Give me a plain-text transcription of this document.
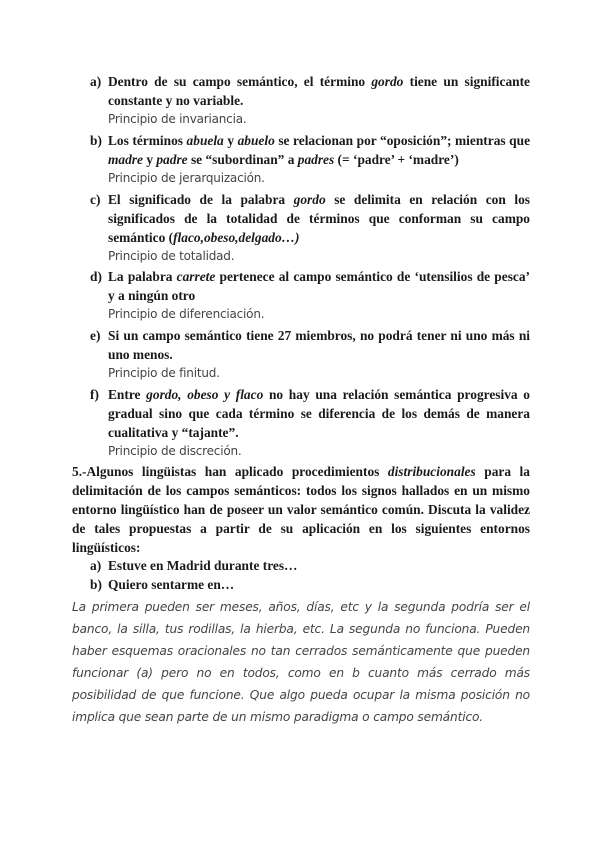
a) Dentro de su campo semántico, el término gordo tiene un significante constante y no variable.
Principio de invariancia.
b) Los términos abuela y abuelo se relacionan por “oposición”; mientras que madre y padre se “subordinan” a padres (= ‘padre’ + ‘madre’)
Principio de jerarquización.
c) El significado de la palabra gordo se delimita en relación con los significados de la totalidad de términos que conforman su campo semántico (flaco,obeso,delgado…)
Principio de totalidad.
d) La palabra carrete pertenece al campo semántico de ‘utensilios de pesca’ y a ningún otro
Principio de diferenciación.
e) Si un campo semántico tiene 27 miembros, no podrá tener ni uno más ni uno menos.
Principio de finitud.
f) Entre gordo, obeso y flaco no hay una relación semántica progresiva o gradual sino que cada término se diferencia de los demás de manera cualitativa y “tajante”.
Principio de discreción.
5.-Algunos lingüistas han aplicado procedimientos distribucionales para la delimitación de los campos semánticos: todos los signos hallados en un mismo entorno lingüístico han de poseer un valor semántico común. Discuta la validez de tales propuestas a partir de su aplicación en los siguientes entornos lingüísticos:
a) Estuve en Madrid durante tres…
b) Quiero sentarme en…
La primera pueden ser meses, años, días, etc y la segunda podría ser el banco, la silla, tus rodillas, la hierba, etc. La segunda no funciona. Pueden haber esquemas oracionales no tan cerrados semánticamente que pueden funcionar (a) pero no en todos, como en b cuanto más cerrado más posibilidad de que funcione. Que algo pueda ocupar la misma posición no implica que sean parte de un mismo paradigma o campo semántico.
